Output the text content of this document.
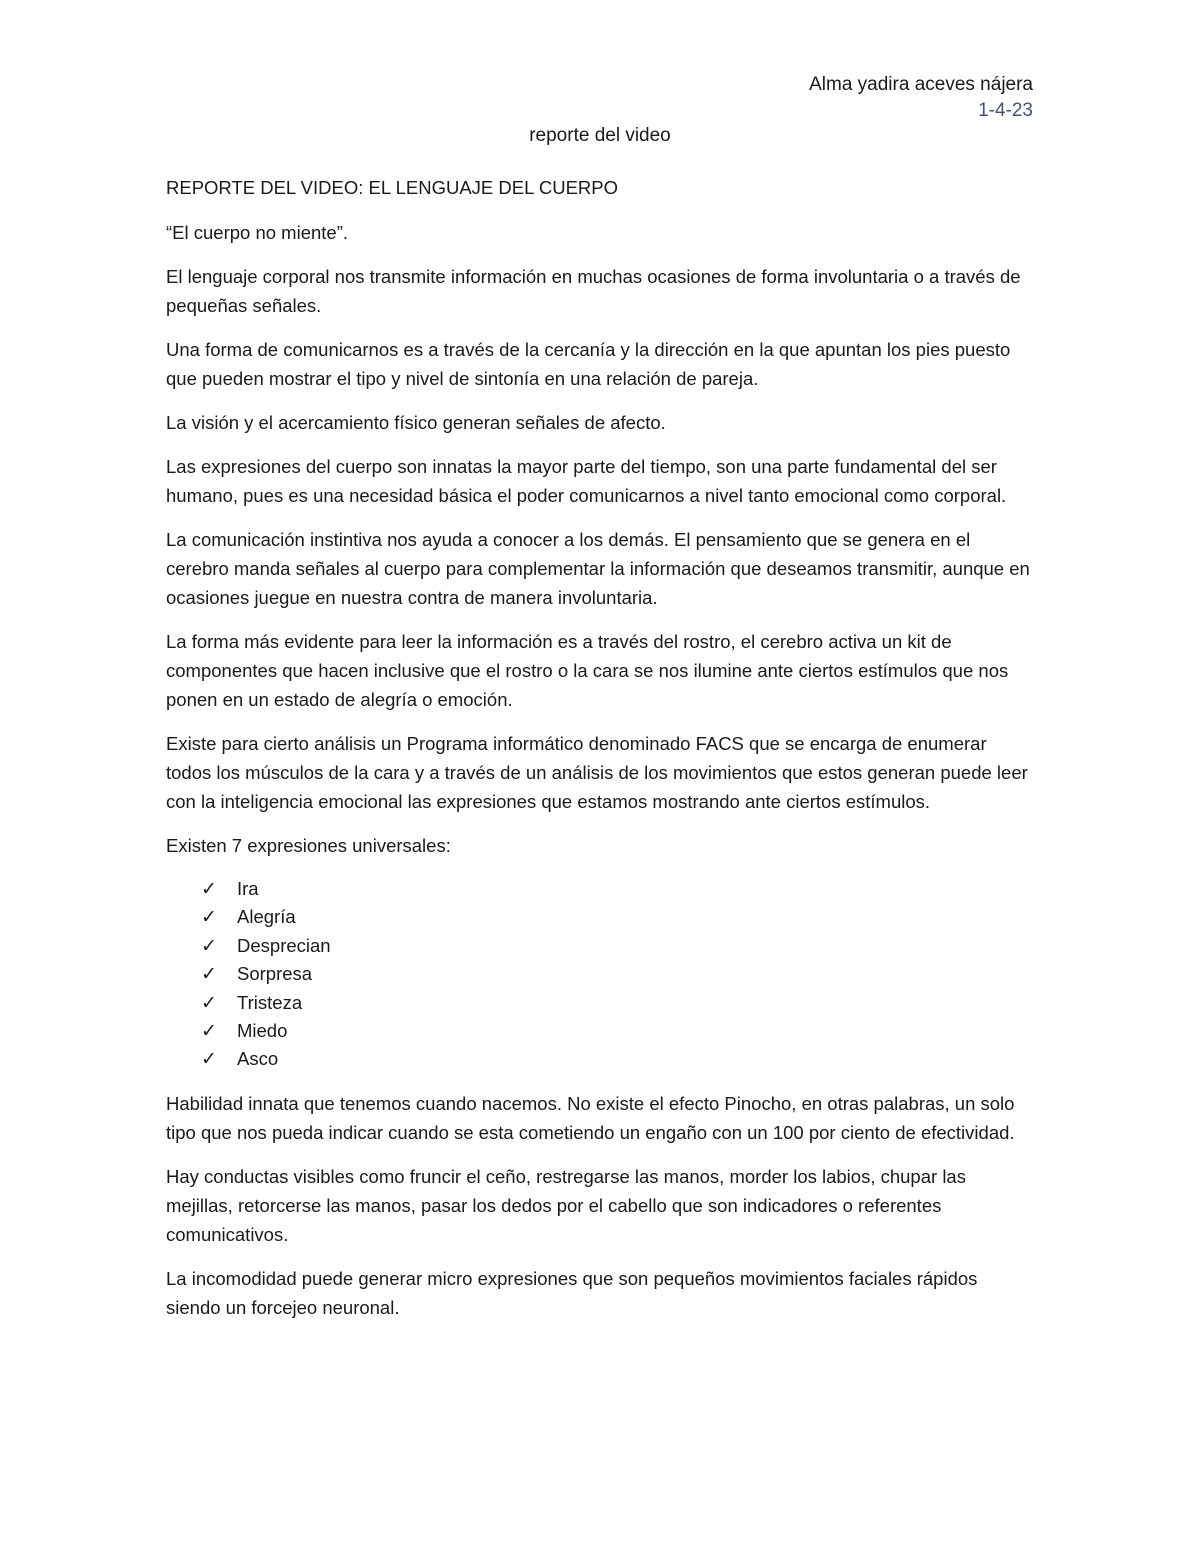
Alma yadira aceves nájera
1-4-23
reporte del video

REPORTE DEL VIDEO: EL LENGUAJE DEL CUERPO

“El cuerpo no miente”.

El lenguaje corporal nos transmite información en muchas ocasiones de forma involuntaria o a través de pequeñas señales.

Una forma de comunicarnos es a través de la cercanía y la dirección en la que apuntan los pies puesto que pueden mostrar el tipo y nivel de sintonía en una relación de pareja.

La visión y el acercamiento físico generan señales de afecto.

Las expresiones del cuerpo son innatas la mayor parte del tiempo, son una parte fundamental del ser humano, pues es una necesidad básica el poder comunicarnos a nivel tanto emocional como corporal.

La comunicación instintiva nos ayuda a conocer a los demás. El pensamiento que se genera en el cerebro manda señales al cuerpo para complementar la información que deseamos transmitir, aunque en ocasiones juegue en nuestra contra de manera involuntaria.

La forma más evidente para leer la información es a través del rostro, el cerebro activa un kit de componentes que hacen inclusive que el rostro o la cara se nos ilumine ante ciertos estímulos que nos ponen en un estado de alegría o emoción.

Existe para cierto análisis un Programa informático denominado FACS que se encarga de enumerar todos los músculos de la cara y a través de un análisis de los movimientos que estos generan puede leer con la inteligencia emocional las expresiones que estamos mostrando ante ciertos estímulos.

Existen 7 expresiones universales:

✓ Ira
✓ Alegría
✓ Desprecian
✓ Sorpresa
✓ Tristeza
✓ Miedo
✓ Asco

Habilidad innata que tenemos cuando nacemos. No existe el efecto Pinocho, en otras palabras, un solo tipo que nos pueda indicar cuando se esta cometiendo un engaño con un 100 por ciento de efectividad.

Hay conductas visibles como fruncir el ceño, restregarse las manos, morder los labios, chupar las mejillas, retorcerse las manos, pasar los dedos por el cabello que son indicadores o referentes comunicativos.

La incomodidad puede generar micro expresiones que son pequeños movimientos faciales rápidos siendo un forcejeo neuronal.
